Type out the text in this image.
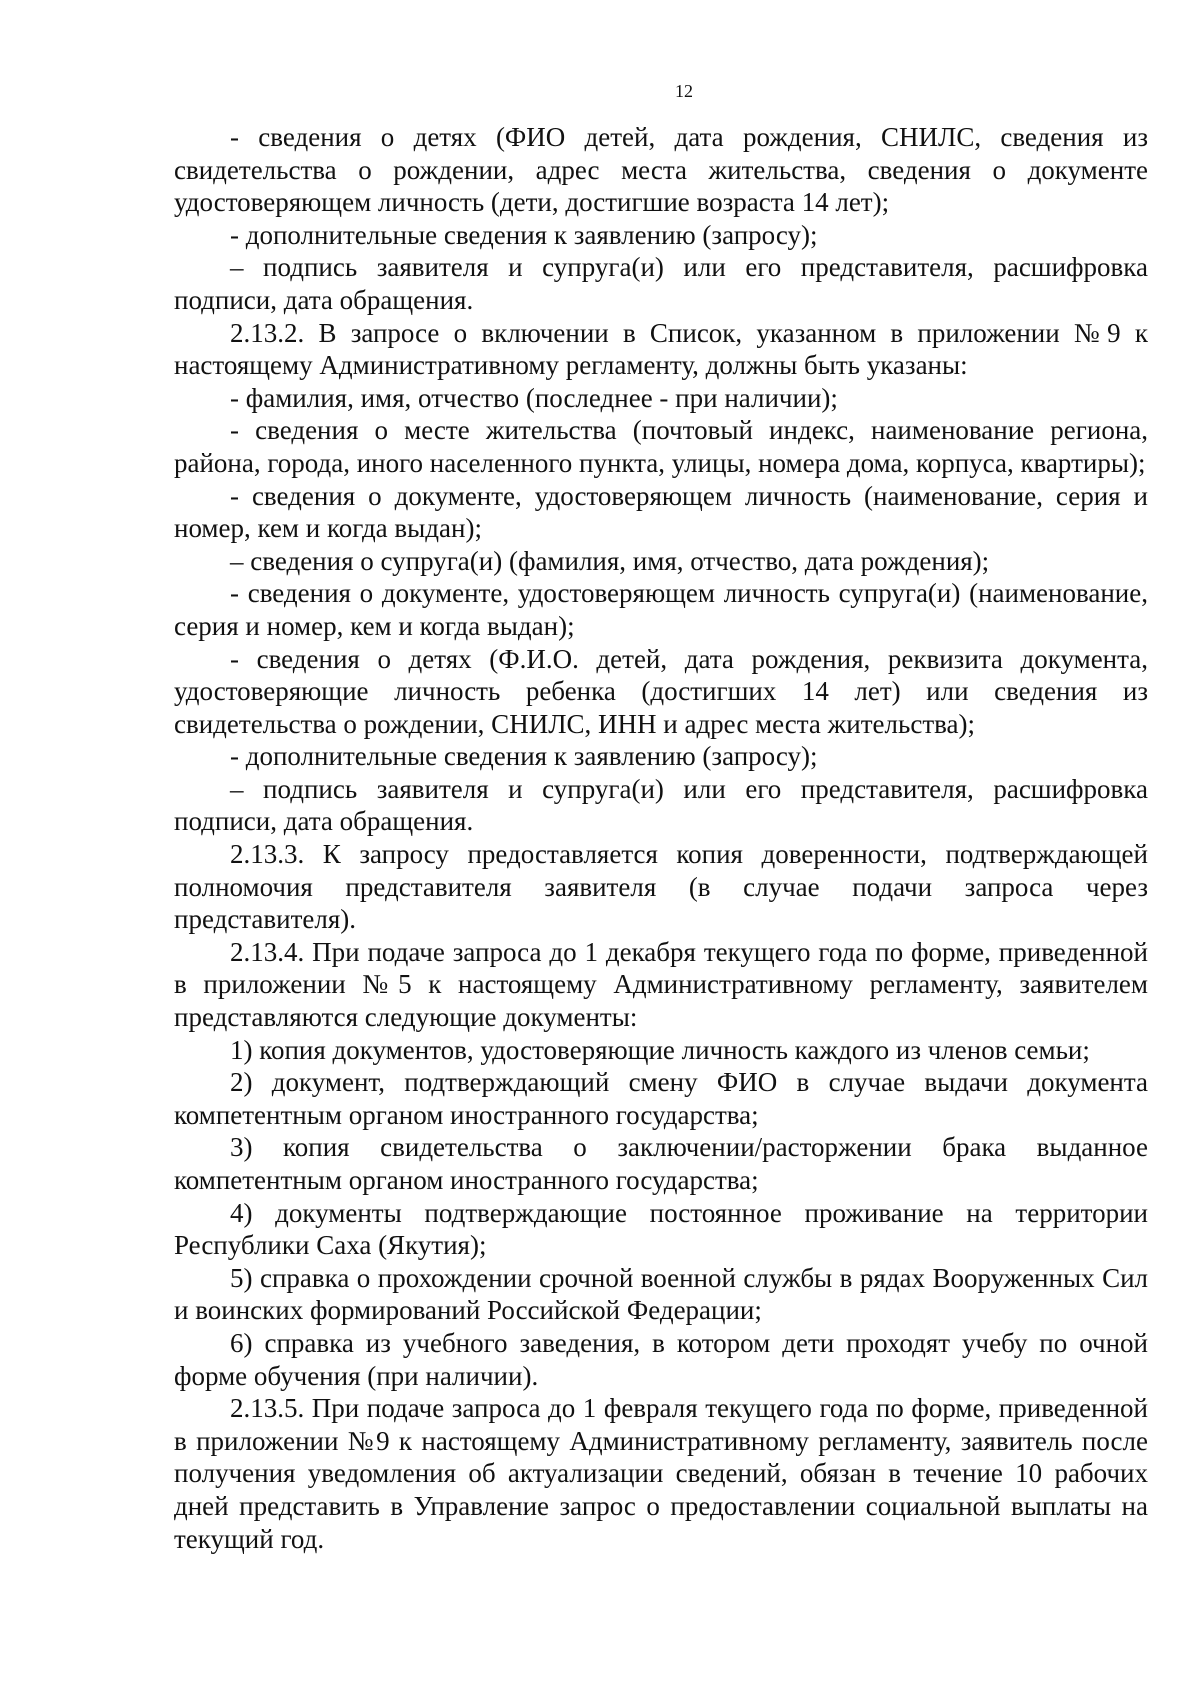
12

- сведения о детях (ФИО детей, дата рождения, СНИЛС, сведения из свидетельства о рождении, адрес места жительства, сведения о документе удостоверяющем личность (дети, достигшие возраста 14 лет);

- дополнительные сведения к заявлению (запросу);

– подпись заявителя и супруга(и) или его представителя, расшифровка подписи, дата обращения.

2.13.2. В запросе о включении в Список, указанном в приложении №9 к настоящему Административному регламенту, должны быть указаны:

- фамилия, имя, отчество (последнее - при наличии);

- сведения о месте жительства (почтовый индекс, наименование региона, района, города, иного населенного пункта, улицы, номера дома, корпуса, квартиры);

- сведения о документе, удостоверяющем личность (наименование, серия и номер, кем и когда выдан);

– сведения о супруга(и) (фамилия, имя, отчество, дата рождения);

- сведения о документе, удостоверяющем личность супруга(и) (наименование, серия и номер, кем и когда выдан);

- сведения о детях (Ф.И.О. детей, дата рождения, реквизита документа, удостоверяющие личность ребенка (достигших 14 лет) или сведения из свидетельства о рождении, СНИЛС, ИНН и адрес места жительства);

- дополнительные сведения к заявлению (запросу);

– подпись заявителя и супруга(и) или его представителя, расшифровка подписи, дата обращения.

2.13.3. К запросу предоставляется копия доверенности, подтверждающей полномочия представителя заявителя (в случае подачи запроса через представителя).

2.13.4. При подаче запроса до 1 декабря текущего года по форме, приведенной в приложении №5 к настоящему Административному регламенту, заявителем представляются следующие документы:

1) копия документов, удостоверяющие личность каждого из членов семьи;

2) документ, подтверждающий смену ФИО в случае выдачи документа компетентным органом иностранного государства;

3) копия свидетельства о заключении/расторжении брака выданное компетентным органом иностранного государства;

4) документы подтверждающие постоянное проживание на территории Республики Саха (Якутия);

5) справка о прохождении срочной военной службы в рядах Вооруженных Сил и воинских формирований Российской Федерации;

6) справка из учебного заведения, в котором дети проходят учебу по очной форме обучения (при наличии).

2.13.5. При подаче запроса до 1 февраля текущего года по форме, приведенной в приложении №9 к настоящему Административному регламенту, заявитель после получения уведомления об актуализации сведений, обязан в течение 10 рабочих дней представить в Управление запрос о предоставлении социальной выплаты на текущий год.
